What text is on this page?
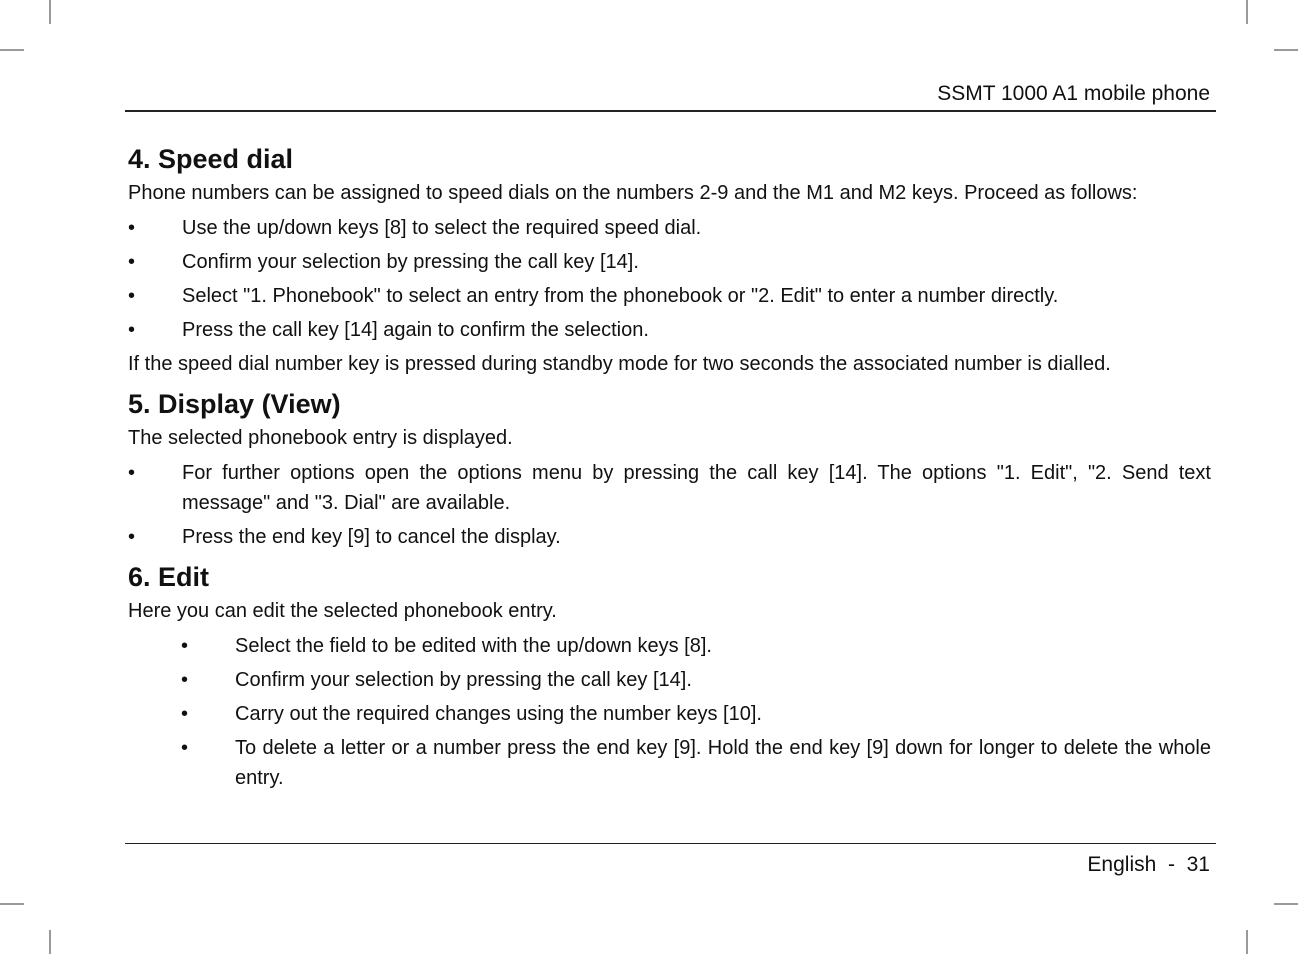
SSMT 1000 A1 mobile phone
4. Speed dial

Phone numbers can be assigned to speed dials on the numbers 2-9 and the M1 and M2 keys. Proceed as follows:

• Use the up/down keys [8] to select the required speed dial.
• Confirm your selection by pressing the call key [14].
• Select "1. Phonebook" to select an entry from the phonebook or "2. Edit" to enter a number directly.
• Press the call key [14] again to confirm the selection.

If the speed dial number key is pressed during standby mode for two seconds the associated number is dialled.

5. Display (View)

The selected phonebook entry is displayed.

• For further options open the options menu by pressing the call key [14]. The options "1. Edit", "2. Send text message" and "3. Dial" are available.
• Press the end key [9] to cancel the display.
6. Edit

Here you can edit the selected phonebook entry.

• Select the field to be edited with the up/down keys [8].
• Confirm your selection by pressing the call key [14].
• Carry out the required changes using the number keys [10].
• To delete a letter or a number press the end key [9]. Hold the end key [9] down for longer to delete the whole entry.
English  -  31
